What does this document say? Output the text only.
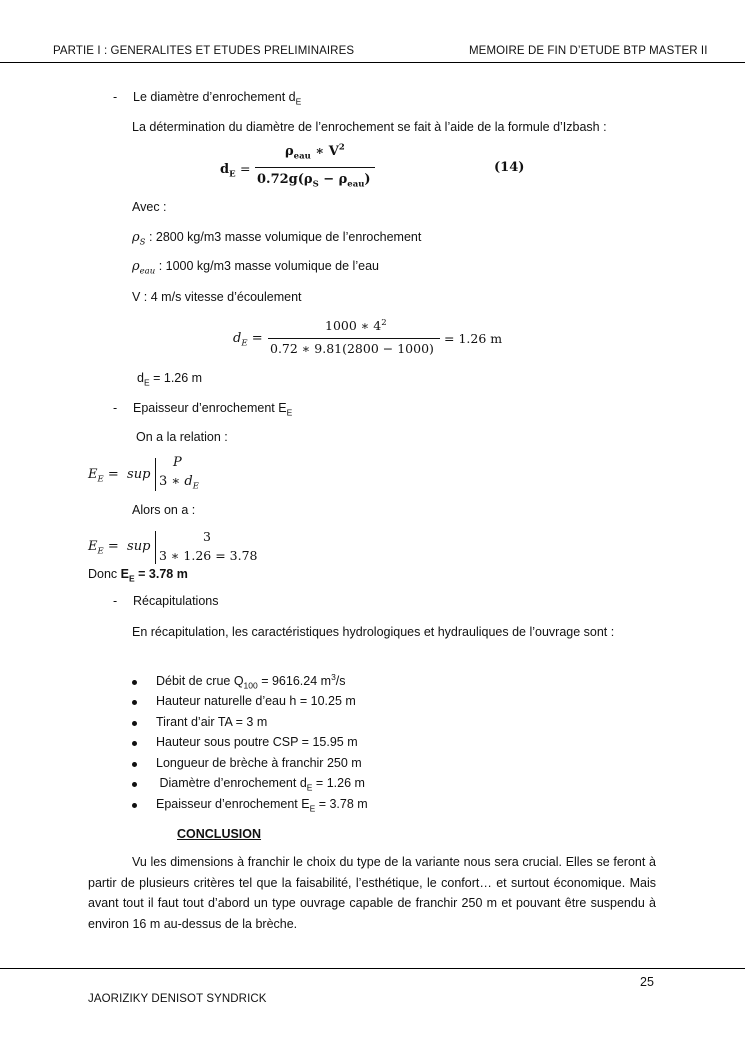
PARTIE I : GENERALITES ET ETUDES PRELIMINAIRES	MEMOIRE DE FIN D’ETUDE BTP MASTER II
- Le diamètre d’enrochement $d_E$
La détermination du diamètre de l’enrochement se fait à l’aide de la formule d’Izbash :
$d_E$ =
$\rho_{eau}$ ∗ $V^2$
$0.72g(\rho_S - \rho_{eau})$
(14)
Avec :
$\rho_S$ : 2800 kg/m3 masse volumique de l’enrochement
$\rho_{eau}$ : 1000 kg/m3 masse volumique de l’eau
V : 4 m/s vitesse d’écoulement
$d_E$ =
1000 ∗ $4^2$
0.72 ∗ 9.81(2800 − 1000)
= 1.26 m
$d_E = 1.26$ m
- Epaisseur d’enrochement $E_E$
On a la relation :
$E_E$ =  sup
P
3 ∗ $d_E$
Alors on a :
$E_E$ =  sup
3
3 ∗ 1.26 = 3.78
Donc $E_E = 3.78$ m
- Récapitulations
En récapitulation, les caractéristiques hydrologiques et hydrauliques de l’ouvrage sont :
Débit de crue $Q_{100} = 9616.24$ $m^3/s$
Hauteur naturelle d’eau h = 10.25 m
Tirant d’air TA = 3 m
Hauteur sous poutre CSP = 15.95 m
Longueur de brèche à franchir 250 m
Diamètre d’enrochement $d_E = 1.26$ m
Epaisseur d’enrochement $E_E = 3.78$ m
CONCLUSION
Vu les dimensions à franchir le choix du type de la variante nous sera crucial. Elles se feront à partir de plusieurs critères tel que la faisabilité, l’esthétique, le confort… et surtout économique. Mais avant tout il faut tout d’abord un type ouvrage capable de franchir 250 m et pouvant être suspendu à environ 16 m au-dessus de la brèche.
25
JAORIZIKY DENISOT SYNDRICK
